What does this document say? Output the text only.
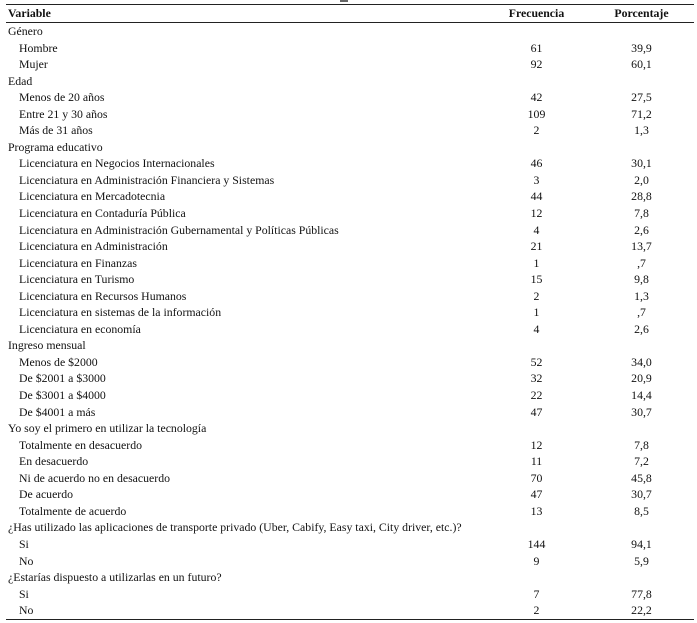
Variable	Frecuencia	Porcentaje
Género		
Hombre	61	39,9
Mujer	92	60,1
Edad		
Menos de 20 años	42	27,5
Entre 21 y 30 años	109	71,2
Más de 31 años	2	1,3
Programa educativo		
Licenciatura en Negocios Internacionales	46	30,1
Licenciatura en Administración Financiera y Sistemas	3	2,0
Licenciatura en Mercadotecnia	44	28,8
Licenciatura en Contaduría Pública	12	7,8
Licenciatura en Administración Gubernamental y Políticas Públicas	4	2,6
Licenciatura en Administración	21	13,7
Licenciatura en Finanzas	1	,7
Licenciatura en Turismo	15	9,8
Licenciatura en Recursos Humanos	2	1,3
Licenciatura en sistemas de la información	1	,7
Licenciatura en economía	4	2,6
Ingreso mensual		
Menos de $2000	52	34,0
De $2001 a $3000	32	20,9
De $3001 a $4000	22	14,4
De $4001 a más	47	30,7
Yo soy el primero en utilizar la tecnología		
Totalmente en desacuerdo	12	7,8
En desacuerdo	11	7,2
Ni de acuerdo no en desacuerdo	70	45,8
De acuerdo	47	30,7
Totalmente de acuerdo	13	8,5
¿Has utilizado las aplicaciones de transporte privado (Uber, Cabify, Easy taxi, City driver, etc.)?		
Si	144	94,1
No	9	5,9
¿Estarías dispuesto a utilizarlas en un futuro?		
Si	7	77,8
No	2	22,2
